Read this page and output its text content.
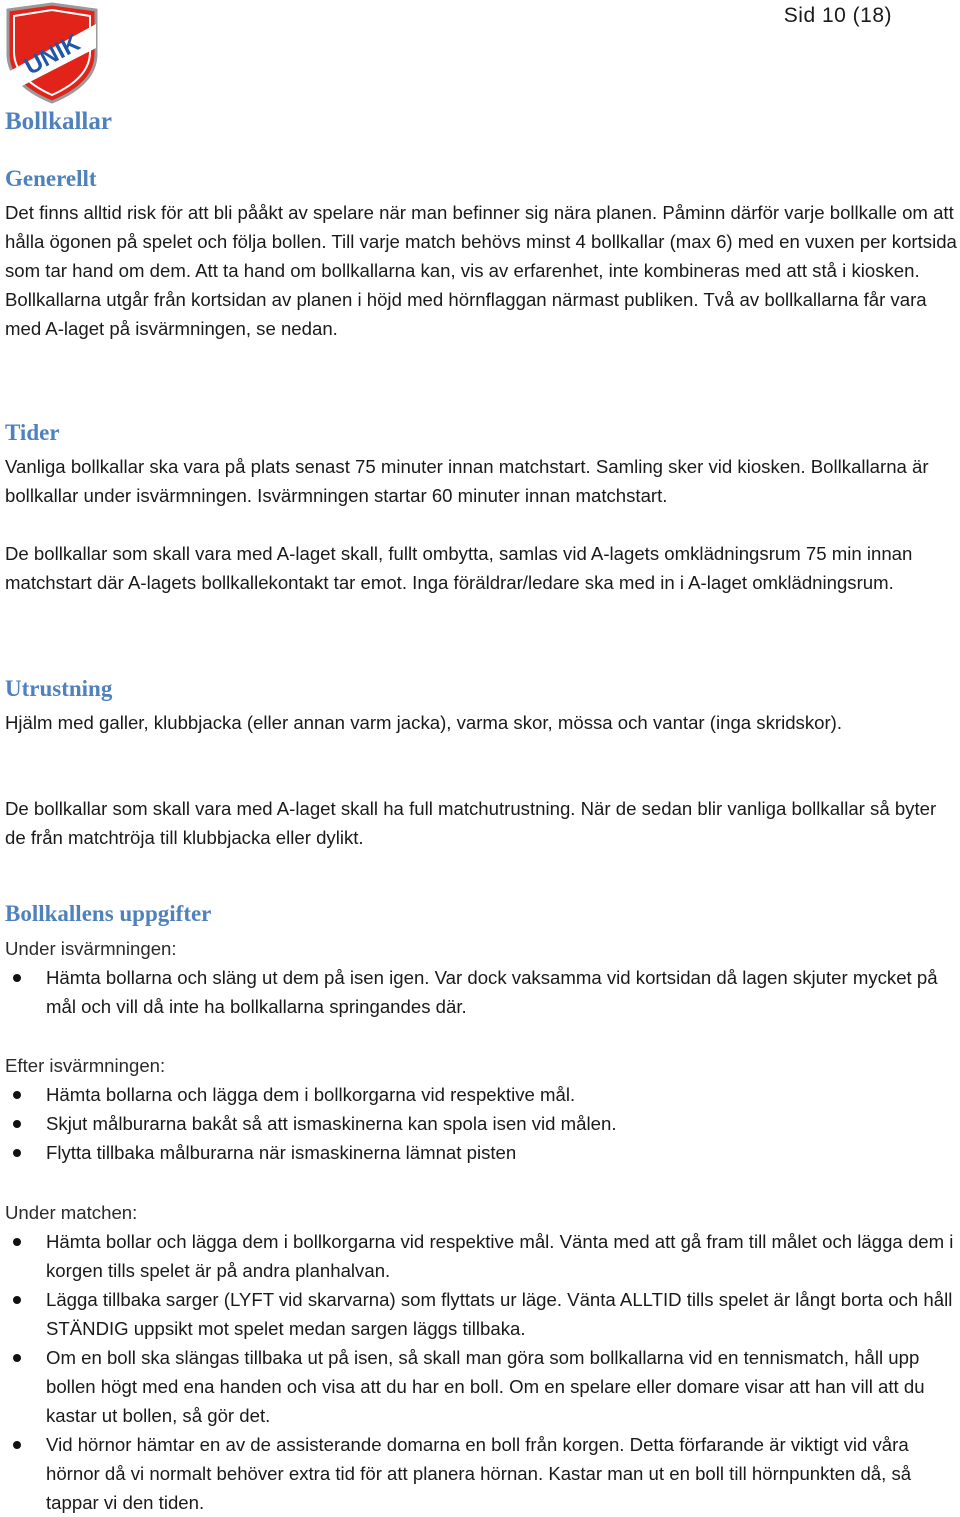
Sid 10 (18)
UNIK
Bollkallar
Generellt

Det finns alltid risk för att bli pååkt av spelare när man befinner sig nära planen. Påminn därför varje bollkalle om att hålla ögonen på spelet och följa bollen. Till varje match behövs minst 4 bollkallar (max 6) med en vuxen per kortsida som tar hand om dem. Att ta hand om bollkallarna kan, vis av erfarenhet, inte kombineras med att stå i kiosken. Bollkallarna utgår från kortsidan av planen i höjd med hörnflaggan närmast publiken. Två av bollkallarna får vara med A-laget på isvärmningen, se nedan.

Tider

Vanliga bollkallar ska vara på plats senast 75 minuter innan matchstart. Samling sker vid kiosken. Bollkallarna är bollkallar under isvärmningen. Isvärmningen startar 60 minuter innan matchstart.

De bollkallar som skall vara med A-laget skall, fullt ombytta, samlas vid A-lagets omklädningsrum 75 min innan matchstart där A-lagets bollkallekontakt tar emot. Inga föräldrar/ledare ska med in i A-laget omklädningsrum.

Utrustning

Hjälm med galler, klubbjacka (eller annan varm jacka), varma skor, mössa och vantar (inga skridskor).

De bollkallar som skall vara med A-laget skall ha full matchutrustning. När de sedan blir vanliga bollkallar så byter de från matchtröja till klubbjacka eller dylikt.

Bollkallens uppgifter
Under isvärmningen:
Hämta bollarna och släng ut dem på isen igen. Var dock vaksamma vid kortsidan då lagen skjuter mycket på mål och vill då inte ha bollkallarna springandes där.
Efter isvärmningen:
Hämta bollarna och lägga dem i bollkorgarna vid respektive mål.
Skjut målburarna bakåt så att ismaskinerna kan spola isen vid målen.
Flytta tillbaka målburarna när ismaskinerna lämnat pisten
Under matchen:
Hämta bollar och lägga dem i bollkorgarna vid respektive mål. Vänta med att gå fram till målet och lägga dem i korgen tills spelet är på andra planhalvan.
Lägga tillbaka sarger (LYFT vid skarvarna) som flyttats ur läge. Vänta ALLTID tills spelet är långt borta och håll STÄNDIG uppsikt mot spelet medan sargen läggs tillbaka.
Om en boll ska slängas tillbaka ut på isen, så skall man göra som bollkallarna vid en tennismatch, håll upp bollen högt med ena handen och visa att du har en boll. Om en spelare eller domare visar att han vill att du kastar ut bollen, så gör det.
Vid hörnor hämtar en av de assisterande domarna en boll från korgen. Detta förfarande är viktigt vid våra hörnor då vi normalt behöver extra tid för att planera hörnan. Kastar man ut en boll till hörnpunkten då, så tappar vi den tiden.
